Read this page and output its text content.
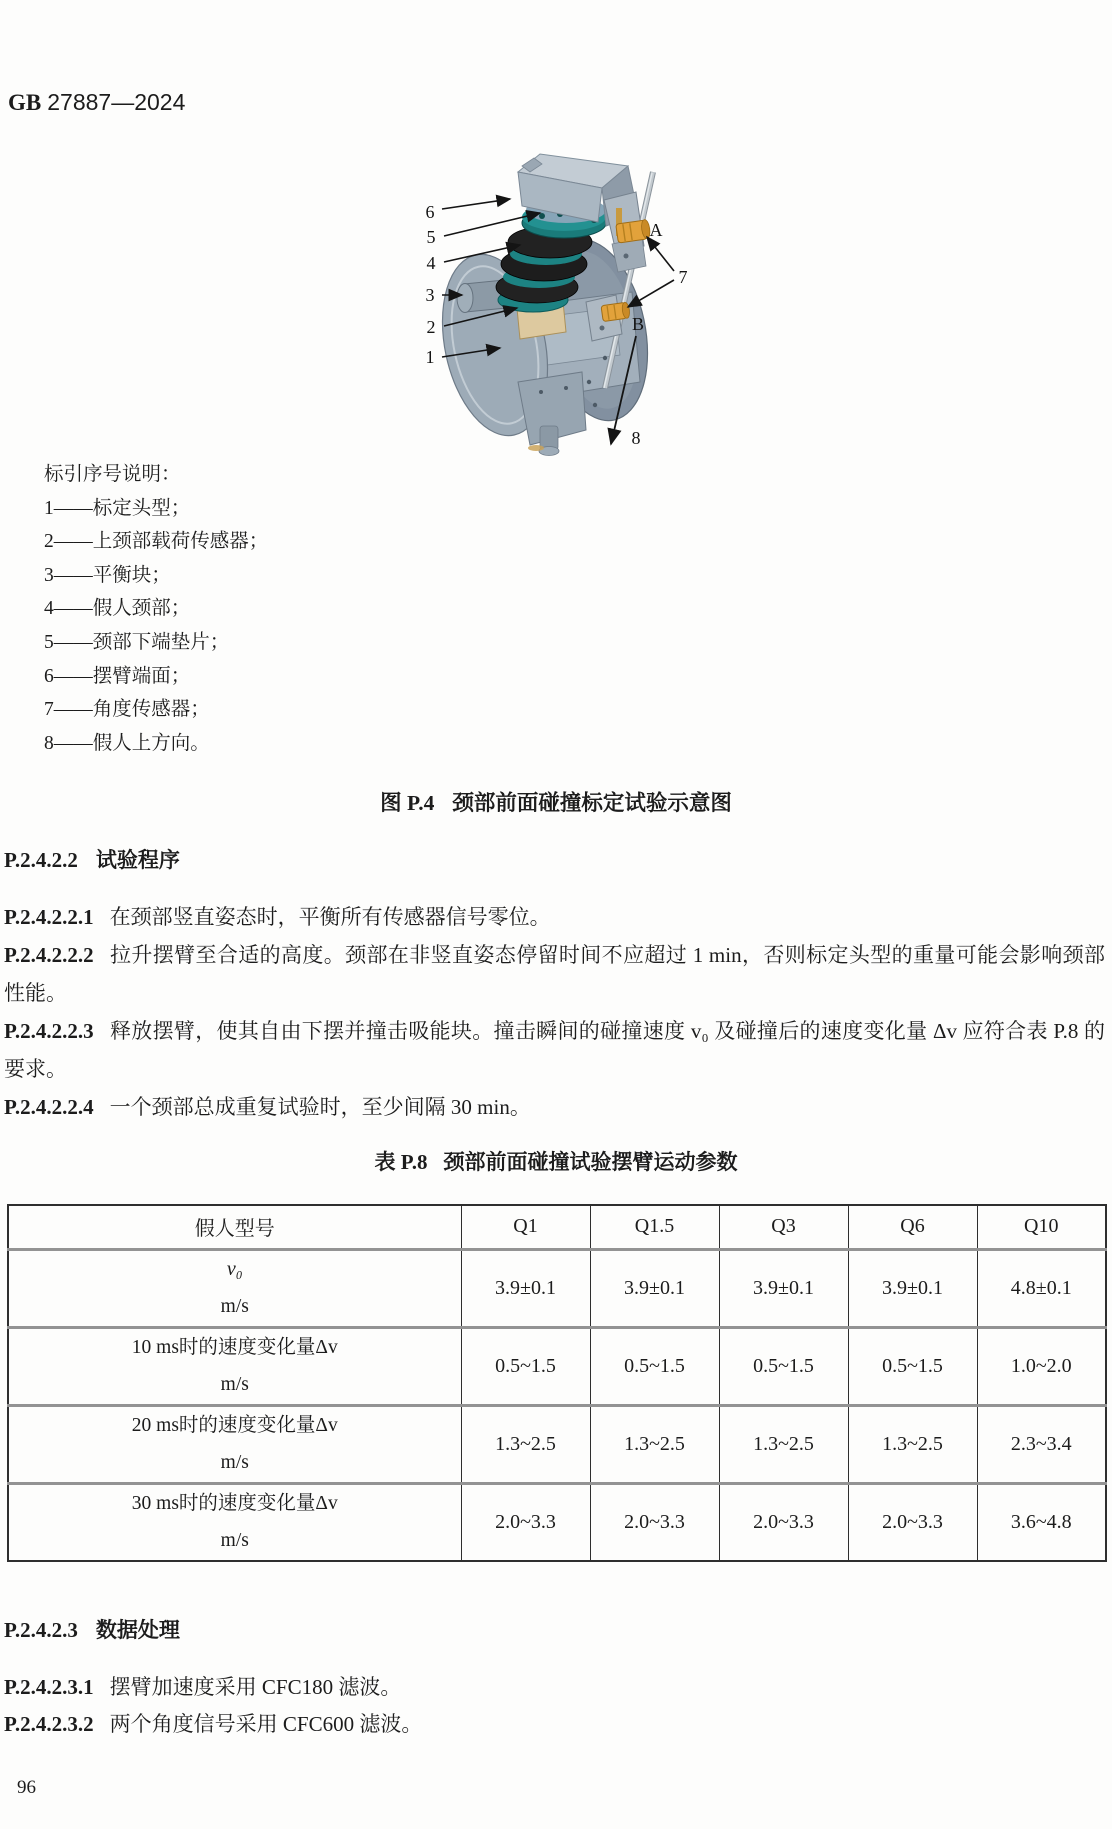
GB 27887—2024
6
5
4
3
2
1
A
B
7
8
标引序号说明：
1——标定头型；
2——上颈部载荷传感器；
3——平衡块；
4——假人颈部；
5——颈部下端垫片；
6——摆臂端面；
7——角度传感器；
8——假人上方向。
图 P.4 颈部前面碰撞标定试验示意图
P.2.4.2.2 试验程序
P.2.4.2.2.1 在颈部竖直姿态时，平衡所有传感器信号零位。
P.2.4.2.2.2 拉升摆臂至合适的高度。颈部在非竖直姿态停留时间不应超过 1 min，否则标定头型的重量可能会影响颈部性能。
P.2.4.2.2.3 释放摆臂，使其自由下摆并撞击吸能块。撞击瞬间的碰撞速度 v₀ 及碰撞后的速度变化量 Δv 应符合表 P.8 的要求。
P.2.4.2.2.4 一个颈部总成重复试验时，至少间隔 30 min。
表 P.8 颈部前面碰撞试验摆臂运动参数
假人型号	Q1	Q1.5	Q3	Q6	Q10

v₀
m/s	3.9±0.1	3.9±0.1	3.9±0.1	3.9±0.1	4.8±0.1

10 ms时的速度变化量Δv
m/s	0.5~1.5	0.5~1.5	0.5~1.5	0.5~1.5	1.0~2.0

20 ms时的速度变化量Δv
m/s	1.3~2.5	1.3~2.5	1.3~2.5	1.3~2.5	2.3~3.4

30 ms时的速度变化量Δv
m/s	2.0~3.3	2.0~3.3	2.0~3.3	2.0~3.3	3.6~4.8
P.2.4.2.3 数据处理
P.2.4.2.3.1 摆臂加速度采用 CFC180 滤波。
P.2.4.2.3.2 两个角度信号采用 CFC600 滤波。
96
